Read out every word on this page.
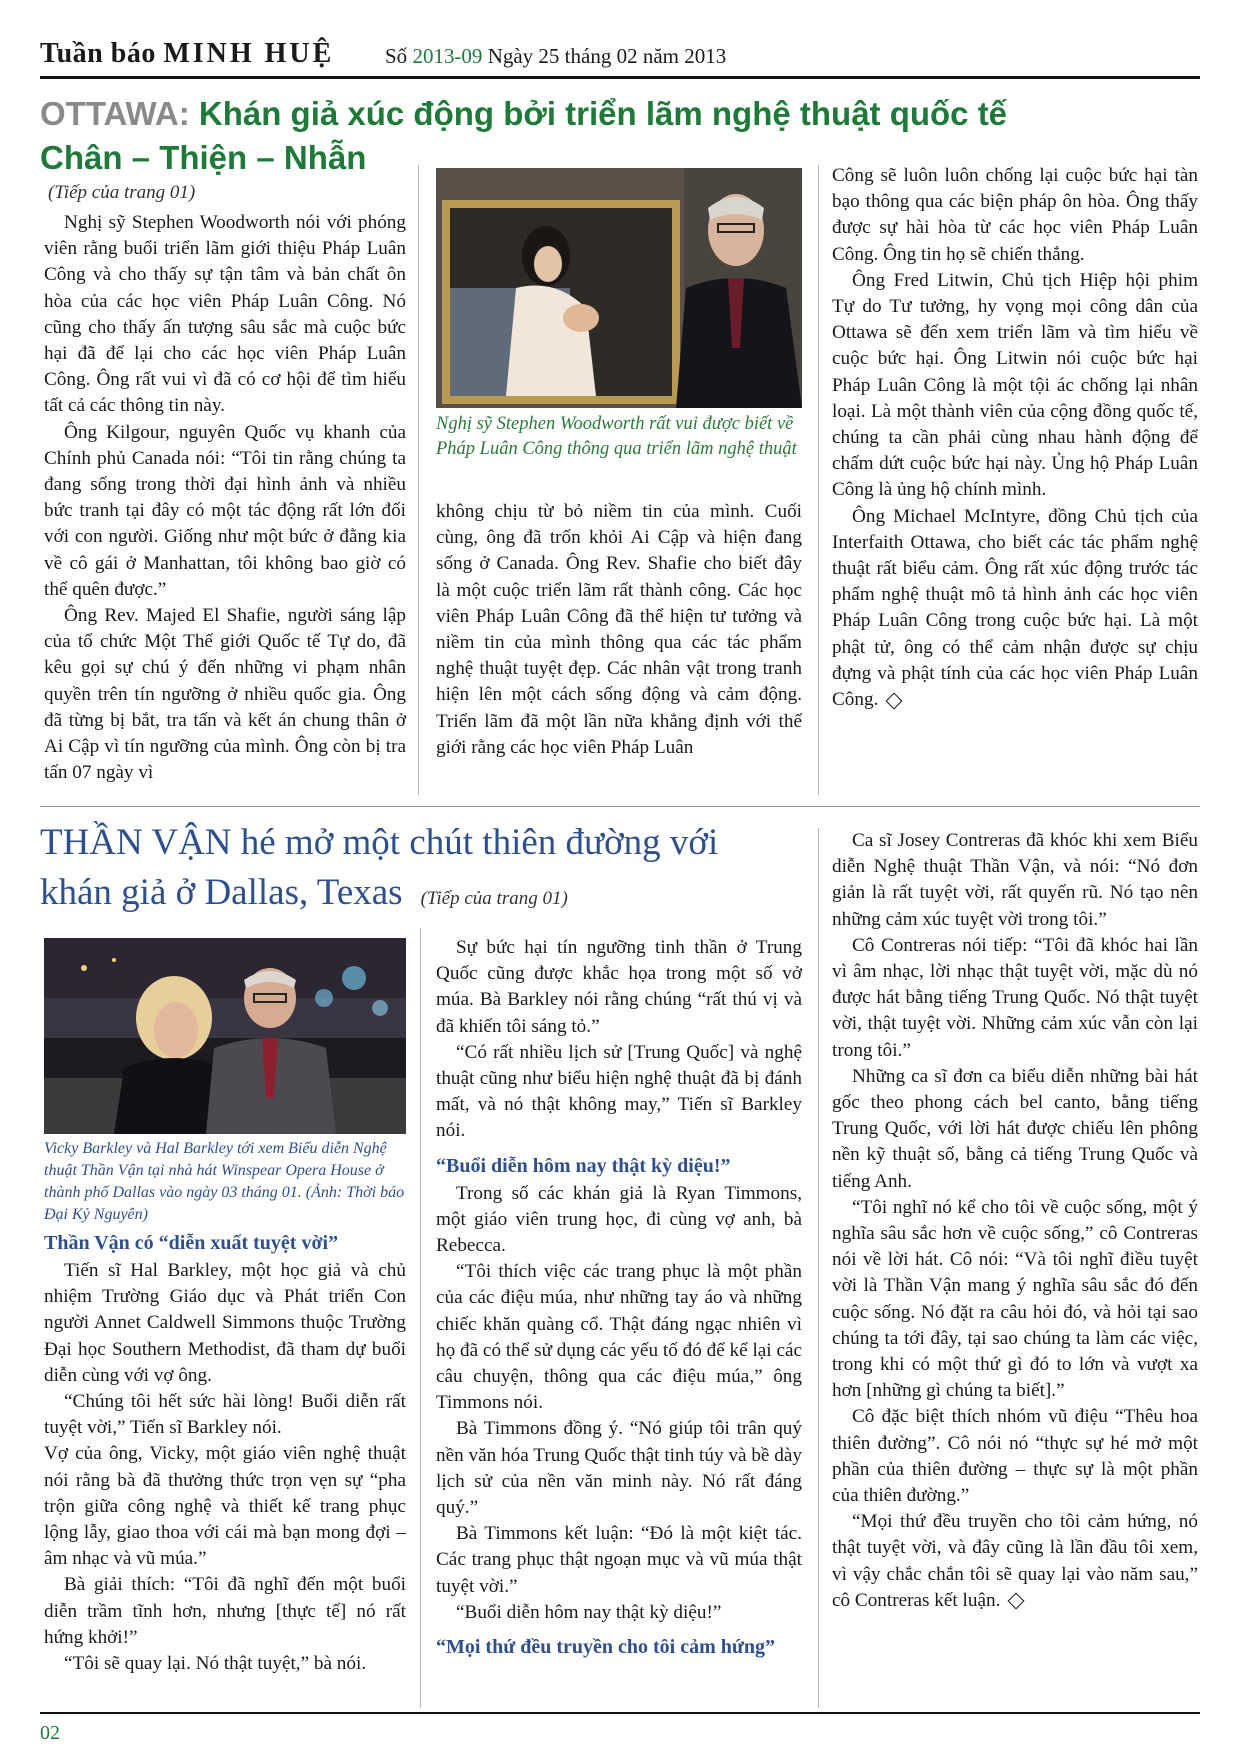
Tuần báo MINH HUỆ Số 2013-09 Ngày 25 tháng 02 năm 2013
OTTAWA: Khán giả xúc động bởi triển lãm nghệ thuật quốc tế
Chân – Thiện – Nhẫn
(Tiếp của trang 01)

Nghị sỹ Stephen Woodworth nói với phóng viên rằng buổi triển lãm giới thiệu Pháp Luân Công và cho thấy sự tận tâm và bản chất ôn hòa của các học viên Pháp Luân Công. Nó cũng cho thấy ấn tượng sâu sắc mà cuộc bức hại đã để lại cho các học viên Pháp Luân Công. Ông rất vui vì đã có cơ hội để tìm hiểu tất cả các thông tin này.

Ông Kilgour, nguyên Quốc vụ khanh của Chính phủ Canada nói: “Tôi tin rằng chúng ta đang sống trong thời đại hình ảnh và nhiều bức tranh tại đây có một tác động rất lớn đối với con người. Giống như một bức ở đằng kia về cô gái ở Manhattan, tôi không bao giờ có thể quên được.”

Ông Rev. Majed El Shafie, người sáng lập của tổ chức Một Thế giới Quốc tế Tự do, đã kêu gọi sự chú ý đến những vi phạm nhân quyền trên tín ngưỡng ở nhiều quốc gia. Ông đã từng bị bắt, tra tấn và kết án chung thân ở Ai Cập vì tín ngưỡng của mình. Ông còn bị tra tấn 07 ngày vì

Nghị sỹ Stephen Woodworth rất vui được biết về Pháp Luân Công thông qua triển lãm nghệ thuật

không chịu từ bỏ niềm tin của mình. Cuối cùng, ông đã trốn khỏi Ai Cập và hiện đang sống ở Canada. Ông Rev. Shafie cho biết đây là một cuộc triển lãm rất thành công. Các học viên Pháp Luân Công đã thể hiện tư tưởng và niềm tin của mình thông qua các tác phẩm nghệ thuật tuyệt đẹp. Các nhân vật trong tranh hiện lên một cách sống động và cảm động. Triển lãm đã một lần nữa khẳng định với thế giới rằng các học viên Pháp Luân

Công sẽ luôn luôn chống lại cuộc bức hại tàn bạo thông qua các biện pháp ôn hòa. Ông thấy được sự hài hòa từ các học viên Pháp Luân Công. Ông tin họ sẽ chiến thắng.

Ông Fred Litwin, Chủ tịch Hiệp hội phim Tự do Tư tưởng, hy vọng mọi công dân của Ottawa sẽ đến xem triển lãm và tìm hiểu về cuộc bức hại. Ông Litwin nói cuộc bức hại Pháp Luân Công là một tội ác chống lại nhân loại. Là một thành viên của cộng đồng quốc tế, chúng ta cần phải cùng nhau hành động để chấm dứt cuộc bức hại này. Ủng hộ Pháp Luân Công là ủng hộ chính mình.

Ông Michael McIntyre, đồng Chủ tịch của Interfaith Ottawa, cho biết các tác phẩm nghệ thuật rất biểu cảm. Ông rất xúc động trước tác phẩm nghệ thuật mô tả hình ảnh các học viên Pháp Luân Công trong cuộc bức hại. Là một phật tử, ông có thể cảm nhận được sự chịu đựng và phật tính của các học viên Pháp Luân Công.

THẦN VẬN hé mở một chút thiên đường với
khán giả ở Dallas, Texas (Tiếp của trang 01)
Vicky Barkley và Hal Barkley tới xem Biểu diễn Nghệ thuật Thần Vận tại nhà hát Winspear Opera House ở thành phố Dallas vào ngày 03 tháng 01. (Ảnh: Thời báo Đại Kỷ Nguyên)
Thần Vận có “diễn xuất tuyệt vời”

Tiến sĩ Hal Barkley, một học giả và chủ nhiệm Trường Giáo dục và Phát triển Con người Annet Caldwell Simmons thuộc Trường Đại học Southern Methodist, đã tham dự buổi diễn cùng với vợ ông.

“Chúng tôi hết sức hài lòng! Buổi diễn rất tuyệt vời,” Tiến sĩ Barkley nói.

Vợ của ông, Vicky, một giáo viên nghệ thuật nói rằng bà đã thưởng thức trọn vẹn sự “pha trộn giữa công nghệ và thiết kế trang phục lộng lẫy, giao thoa với cái mà bạn mong đợi – âm nhạc và vũ múa.”

Bà giải thích: “Tôi đã nghĩ đến một buổi diễn trầm tĩnh hơn, nhưng [thực tế] nó rất hứng khởi!”

“Tôi sẽ quay lại. Nó thật tuyệt,” bà nói.

Sự bức hại tín ngưỡng tinh thần ở Trung Quốc cũng được khắc họa trong một số vở múa. Bà Barkley nói rằng chúng “rất thú vị và đã khiến tôi sáng tỏ.”

“Có rất nhiều lịch sử [Trung Quốc] và nghệ thuật cũng như biểu hiện nghệ thuật đã bị đánh mất, và nó thật không may,” Tiến sĩ Barkley nói.

“Buổi diễn hôm nay thật kỳ diệu!”

Trong số các khán giả là Ryan Timmons, một giáo viên trung học, đi cùng vợ anh, bà Rebecca.

“Tôi thích việc các trang phục là một phần của các điệu múa, như những tay áo và những chiếc khăn quàng cổ. Thật đáng ngạc nhiên vì họ đã có thể sử dụng các yếu tố đó để kể lại các câu chuyện, thông qua các điệu múa,” ông Timmons nói.

Bà Timmons đồng ý. “Nó giúp tôi trân quý nền văn hóa Trung Quốc thật tinh túy và bề dày lịch sử của nền văn minh này. Nó rất đáng quý.”

Bà Timmons kết luận: “Đó là một kiệt tác. Các trang phục thật ngoạn mục và vũ múa thật tuyệt vời.”

“Buổi diễn hôm nay thật kỳ diệu!”

“Mọi thứ đều truyền cho tôi cảm hứng”

Ca sĩ Josey Contreras đã khóc khi xem Biểu diễn Nghệ thuật Thần Vận, và nói: “Nó đơn giản là rất tuyệt vời, rất quyến rũ. Nó tạo nên những cảm xúc tuyệt vời trong tôi.”

Cô Contreras nói tiếp: “Tôi đã khóc hai lần vì âm nhạc, lời nhạc thật tuyệt vời, mặc dù nó được hát bằng tiếng Trung Quốc. Nó thật tuyệt vời, thật tuyệt vời. Những cảm xúc vẫn còn lại trong tôi.”

Những ca sĩ đơn ca biểu diễn những bài hát gốc theo phong cách bel canto, bằng tiếng Trung Quốc, với lời hát được chiếu lên phông nền kỹ thuật số, bằng cả tiếng Trung Quốc và tiếng Anh.

“Tôi nghĩ nó kể cho tôi về cuộc sống, một ý nghĩa sâu sắc hơn về cuộc sống,” cô Contreras nói về lời hát. Cô nói: “Và tôi nghĩ điều tuyệt vời là Thần Vận mang ý nghĩa sâu sắc đó đến cuộc sống. Nó đặt ra câu hỏi đó, và hỏi tại sao chúng ta tới đây, tại sao chúng ta làm các việc, trong khi có một thứ gì đó to lớn và vượt xa hơn [những gì chúng ta biết].”

Cô đặc biệt thích nhóm vũ điệu “Thêu hoa thiên đường”. Cô nói nó “thực sự hé mở một phần của thiên đường – thực sự là một phần của thiên đường.”

“Mọi thứ đều truyền cho tôi cảm hứng, nó thật tuyệt vời, và đây cũng là lần đầu tôi xem, vì vậy chắc chắn tôi sẽ quay lại vào năm sau,” cô Contreras kết luận.

02
